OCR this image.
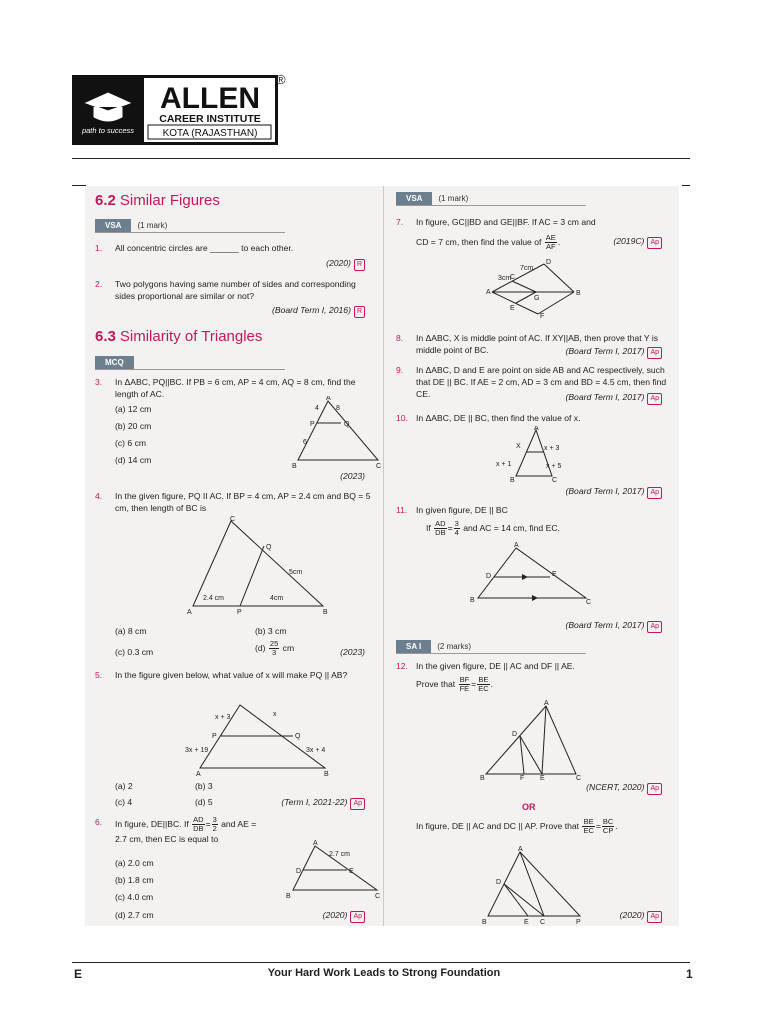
ALLEN
CAREER INSTITUTE
KOTA (RAJASTHAN)
path to success
®
6.2 Similar Figures
VSA (1 mark)
1. All concentric circles are ______ to each other.
(2020) R
2. Two polygons having same number of sides and corresponding sides proportional are similar or not?
(Board Term I, 2016) R
6.3 Similarity of Triangles
MCQ
3. In ΔABC, PQ||BC. If PB = 6 cm, AP = 4 cm, AQ = 8 cm, find the length of AC.
(a) 12 cm
(b) 20 cm
(c) 6 cm
(d) 14 cm
A
B	C
P	Q
4 8
6
(2023)
4. In the given figure, PQ II AC. If BP = 4 cm, AP = 2.4 cm and BQ = 5 cm, then length of BC is
C
A	B
P
Q
2.4 cm	4cm
5cm
(a) 8 cm	(b) 3 cm
(c) 0.3 cm	$(d) \frac{25}{3}$ cm	(2023)
5. In the figure given below, what value of x will make PQ || AB?
x + 3	x
P	Q
3x + 19	3x + 4
A	B
(a) 2	(b) 3
(c) 4	(d) 5	(Term I, 2021-22) Ap
6. In figure, DE||BC. If $\frac{AD}{DB} = \frac{3}{2}$ and AE = 2.7 cm, then EC is equal to	A
B	C
D	E
2.7 cm
(a) 2.0 cm
(b) 1.8 cm
(c) 4.0 cm
(d) 2.7 cm	(2020) Ap
VSA (1 mark)
7. In figure, GC||BD and GE||BF. If AC = 3 cm and
CD = 7 cm, then find the value of $\frac{AE}{AF}$ .	(2019C) Ap
A
D
B
F
C
G
E
3cm
7cm
8. In ΔABC, X is middle point of AC. If XY||AB, then prove that Y is middle point of BC.	(Board Term I, 2017) Ap
9. In ΔABC, D and E are point on side AB and AC respectively, such that DE || BC. If AE = 2 cm, AD = 3 cm and BD = 4.5 cm, then find CE.	(Board Term I, 2017) Ap
10. In ΔABC, DE || BC, then find the value of x.
A
B	C
X	x + 3
x + 1	x + 5
(Board Term I, 2017) Ap
11. In given figure, DE || BC
If $\frac{AD}{DB} = \frac{3}{4}$ and AC = 14 cm, find EC.
A
B	C
D	E
(Board Term I, 2017) Ap
SA I (2 marks)
12. In the given figure, DE || AC and DF || AE.
Prove that $\frac{BF}{FE} = \frac{BE}{EC}$ .
A
B	C
D
F E
(NCERT, 2020) Ap
OR
In figure, DE || AC and DC || AP. Prove that $\frac{BE}{EC} = \frac{BC}{CP}$ .
A
B	E C	P
D
(2020) Ap
E	Your Hard Work Leads to Strong Foundation	1
